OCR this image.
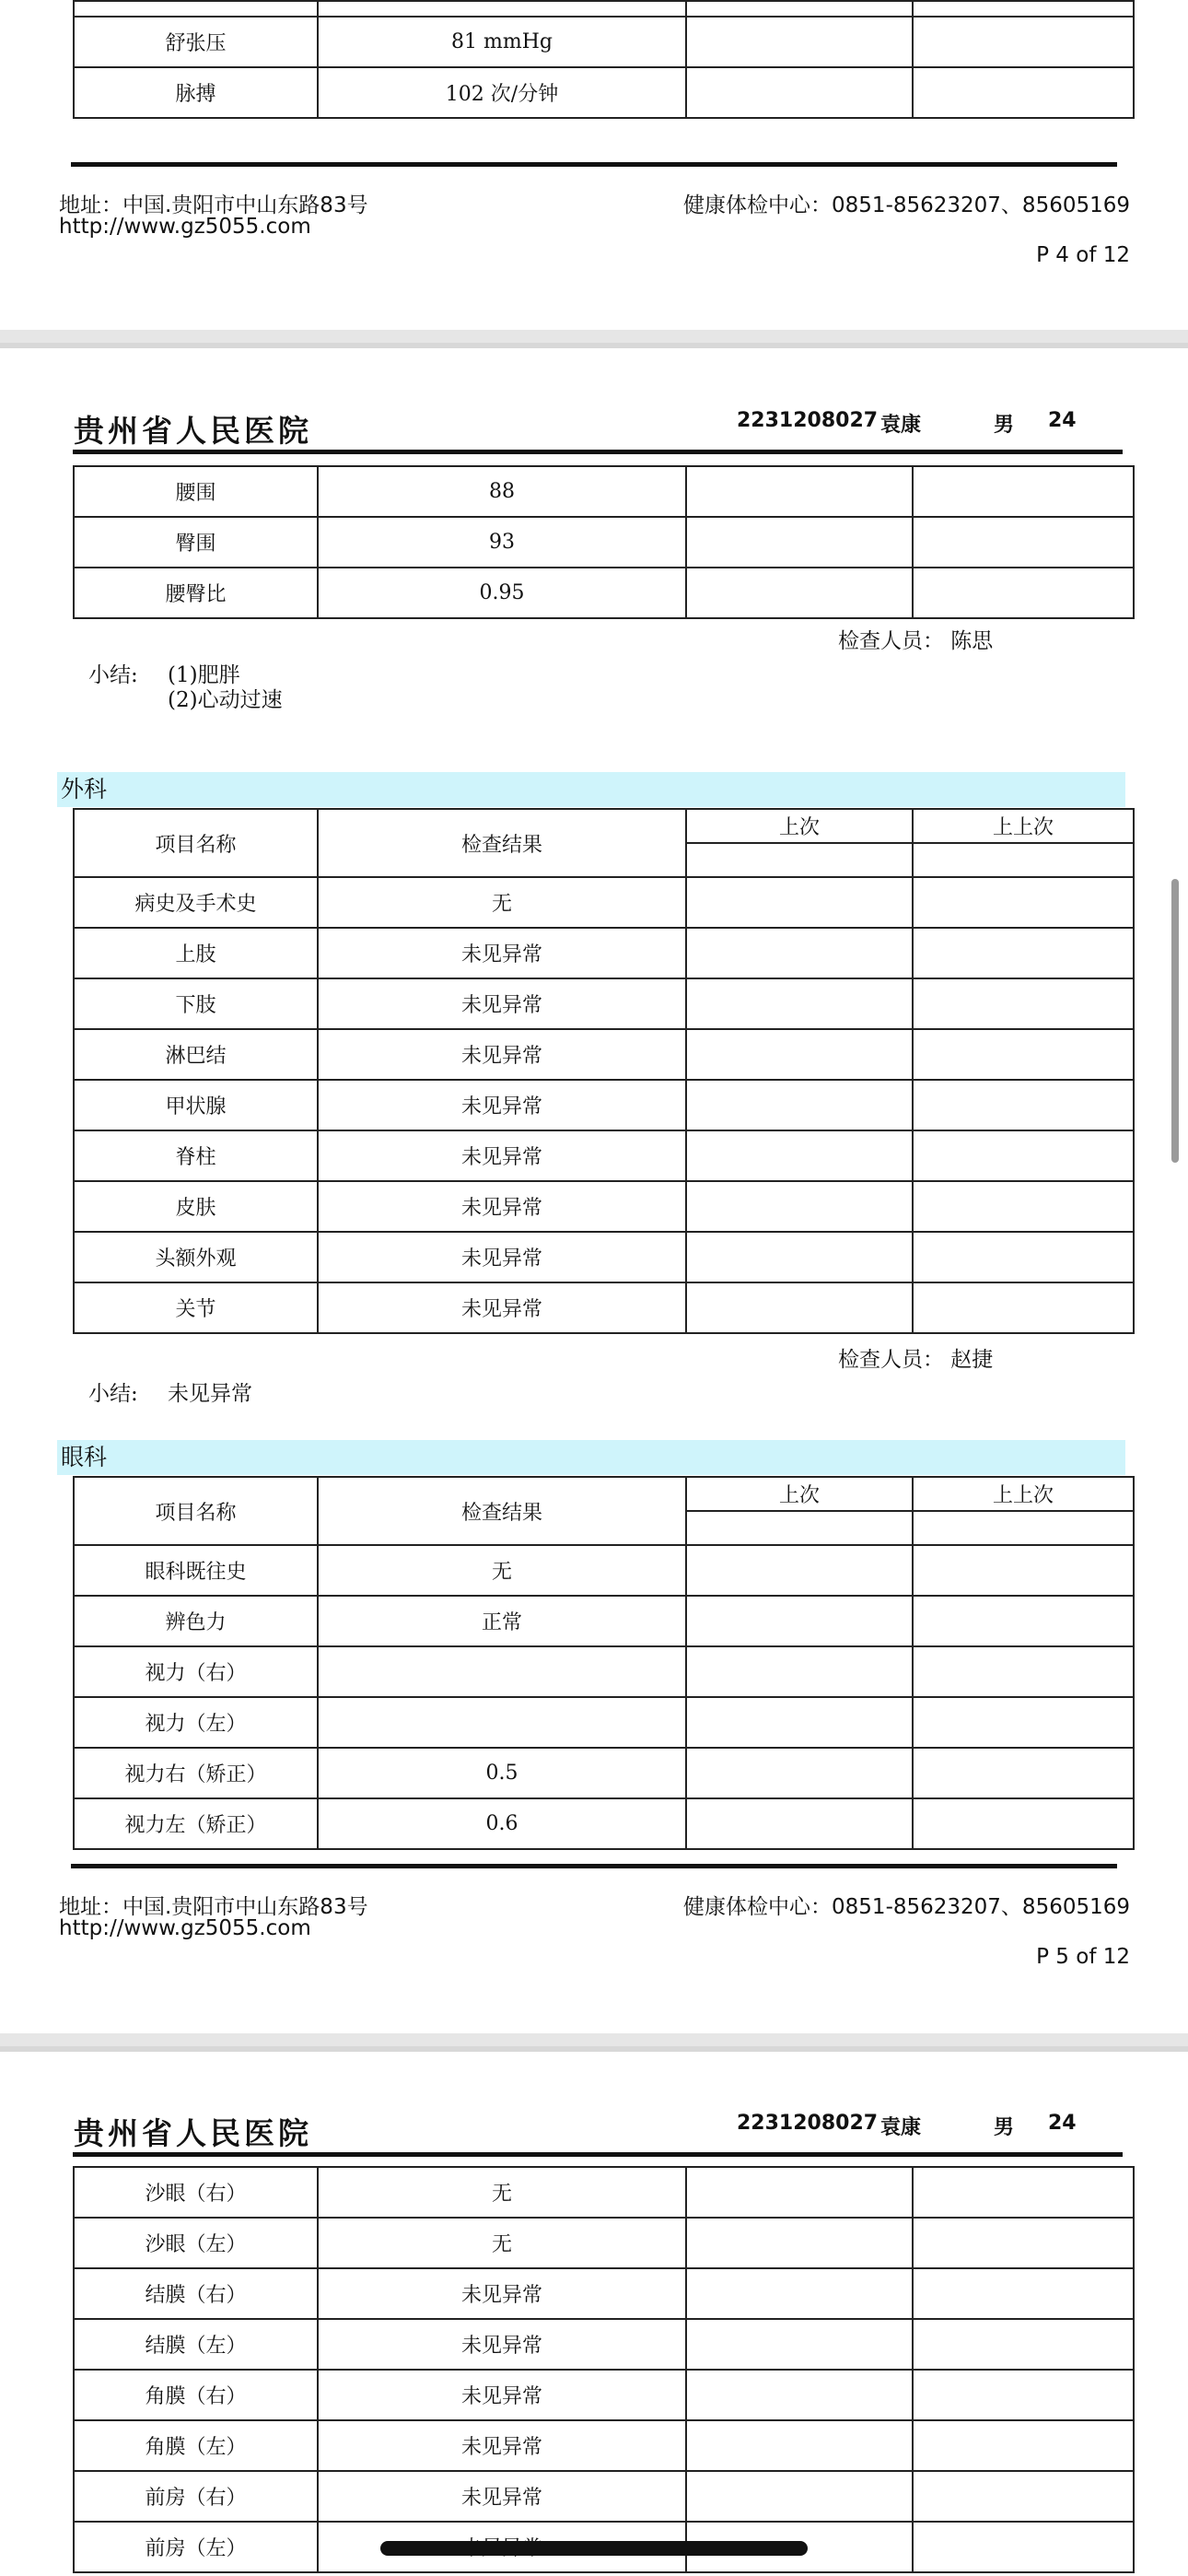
舒张压	81 mmHg		
脉搏	102 次/分钟		
地址：中国.贵阳市中山东路83号	健康体检中心：0851-85623207、85605169
http://www.gz5055.com
P 4 of 12
贵州省人民医院	2231208027 袁康	男 24
腰围	88		
臀围	93		
腰臀比	0.95		
检查人员： 陈思
小结: (1)肥胖
(2)心动过速
外科
项目名称	检查结果	上次	上上次

病史及手术史	无		
上肢	未见异常		
下肢	未见异常		
淋巴结	未见异常		
甲状腺	未见异常		
脊柱	未见异常		
皮肤	未见异常		
头额外观	未见异常		
关节	未见异常		
检查人员： 赵捷
小结: 未见异常
眼科
项目名称	检查结果	上次	上上次

眼科既往史	无		
辨色力	正常		
视力（右）			
视力（左）			
视力右（矫正）	0.5		
视力左（矫正）	0.6		
地址：中国.贵阳市中山东路83号	健康体检中心：0851-85623207、85605169
http://www.gz5055.com
P 5 of 12
贵州省人民医院	2231208027 袁康	男 24
沙眼（右）	无		
沙眼（左）	无		
结膜（右）	未见异常		
结膜（左）	未见异常		
角膜（右）	未见异常		
角膜（左）	未见异常		
前房（右）	未见异常		
前房（左）			
